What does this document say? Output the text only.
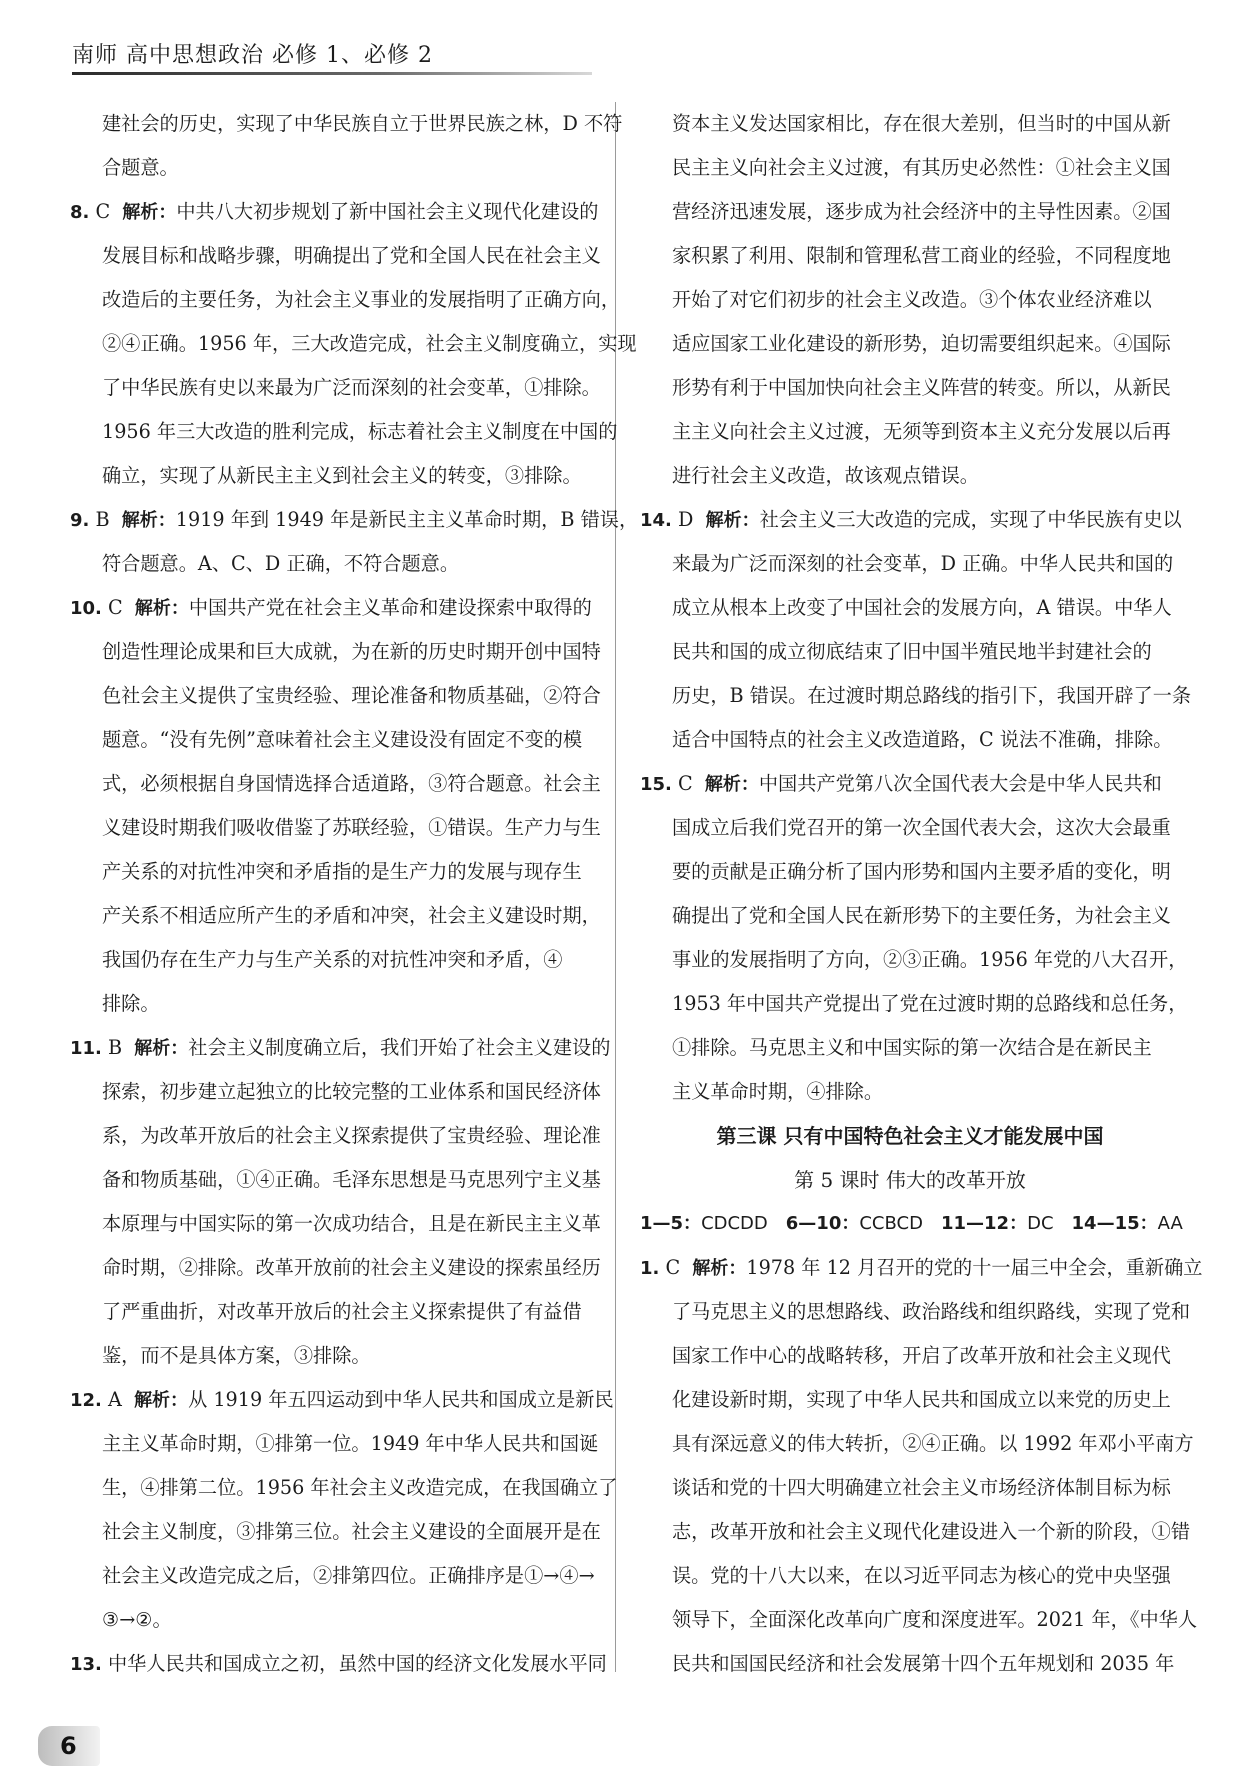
南师 高中思想政治 必修 1、必修 2
建社会的历史，实现了中华民族自立于世界民族之林，D 不符
合题意。
8. C 解析：中共八大初步规划了新中国社会主义现代化建设的
发展目标和战略步骤，明确提出了党和全国人民在社会主义
改造后的主要任务，为社会主义事业的发展指明了正确方向，
②④正确。1956 年，三大改造完成，社会主义制度确立，实现
了中华民族有史以来最为广泛而深刻的社会变革，①排除。
1956 年三大改造的胜利完成，标志着社会主义制度在中国的
确立，实现了从新民主主义到社会主义的转变，③排除。
9. B 解析：1919 年到 1949 年是新民主主义革命时期，B 错误，
符合题意。A、C、D 正确，不符合题意。
10. C 解析：中国共产党在社会主义革命和建设探索中取得的
创造性理论成果和巨大成就，为在新的历史时期开创中国特
色社会主义提供了宝贵经验、理论准备和物质基础，②符合
题意。“没有先例”意味着社会主义建设没有固定不变的模
式，必须根据自身国情选择合适道路，③符合题意。社会主
义建设时期我们吸收借鉴了苏联经验，①错误。生产力与生
产关系的对抗性冲突和矛盾指的是生产力的发展与现存生
产关系不相适应所产生的矛盾和冲突，社会主义建设时期，
我国仍存在生产力与生产关系的对抗性冲突和矛盾，④
排除。
11. B 解析：社会主义制度确立后，我们开始了社会主义建设的
探索，初步建立起独立的比较完整的工业体系和国民经济体
系，为改革开放后的社会主义探索提供了宝贵经验、理论准
备和物质基础，①④正确。毛泽东思想是马克思列宁主义基
本原理与中国实际的第一次成功结合，且是在新民主主义革
命时期，②排除。改革开放前的社会主义建设的探索虽经历
了严重曲折，对改革开放后的社会主义探索提供了有益借
鉴，而不是具体方案，③排除。
12. A 解析：从 1919 年五四运动到中华人民共和国成立是新民
主主义革命时期，①排第一位。1949 年中华人民共和国诞
生，④排第二位。1956 年社会主义改造完成，在我国确立了
社会主义制度，③排第三位。社会主义建设的全面展开是在
社会主义改造完成之后，②排第四位。正确排序是①→④→
③→②。
13. 中华人民共和国成立之初，虽然中国的经济文化发展水平同
资本主义发达国家相比，存在很大差别，但当时的中国从新
民主主义向社会主义过渡，有其历史必然性：①社会主义国
营经济迅速发展，逐步成为社会经济中的主导性因素。②国
家积累了利用、限制和管理私营工商业的经验，不同程度地
开始了对它们初步的社会主义改造。③个体农业经济难以
适应国家工业化建设的新形势，迫切需要组织起来。④国际
形势有利于中国加快向社会主义阵营的转变。所以，从新民
主主义向社会主义过渡，无须等到资本主义充分发展以后再
进行社会主义改造，故该观点错误。
14. D 解析：社会主义三大改造的完成，实现了中华民族有史以
来最为广泛而深刻的社会变革，D 正确。中华人民共和国的
成立从根本上改变了中国社会的发展方向，A 错误。中华人
民共和国的成立彻底结束了旧中国半殖民地半封建社会的
历史，B 错误。在过渡时期总路线的指引下，我国开辟了一条
适合中国特点的社会主义改造道路，C 说法不准确，排除。
15. C 解析：中国共产党第八次全国代表大会是中华人民共和
国成立后我们党召开的第一次全国代表大会，这次大会最重
要的贡献是正确分析了国内形势和国内主要矛盾的变化，明
确提出了党和全国人民在新形势下的主要任务，为社会主义
事业的发展指明了方向，②③正确。1956 年党的八大召开，
1953 年中国共产党提出了党在过渡时期的总路线和总任务，
①排除。马克思主义和中国实际的第一次结合是在新民主
主义革命时期，④排除。
第三课 只有中国特色社会主义才能发展中国
第 5 课时 伟大的改革开放
1—5：CDCDD 6—10：CCBCD 11—12：DC 14—15：AA
1. C 解析：1978 年 12 月召开的党的十一届三中全会，重新确立
了马克思主义的思想路线、政治路线和组织路线，实现了党和
国家工作中心的战略转移，开启了改革开放和社会主义现代
化建设新时期，实现了中华人民共和国成立以来党的历史上
具有深远意义的伟大转折，②④正确。以 1992 年邓小平南方
谈话和党的十四大明确建立社会主义市场经济体制目标为标
志，改革开放和社会主义现代化建设进入一个新的阶段，①错
误。党的十八大以来，在以习近平同志为核心的党中央坚强
领导下，全面深化改革向广度和深度进军。2021 年，《中华人
民共和国国民经济和社会发展第十四个五年规划和 2035 年
6
